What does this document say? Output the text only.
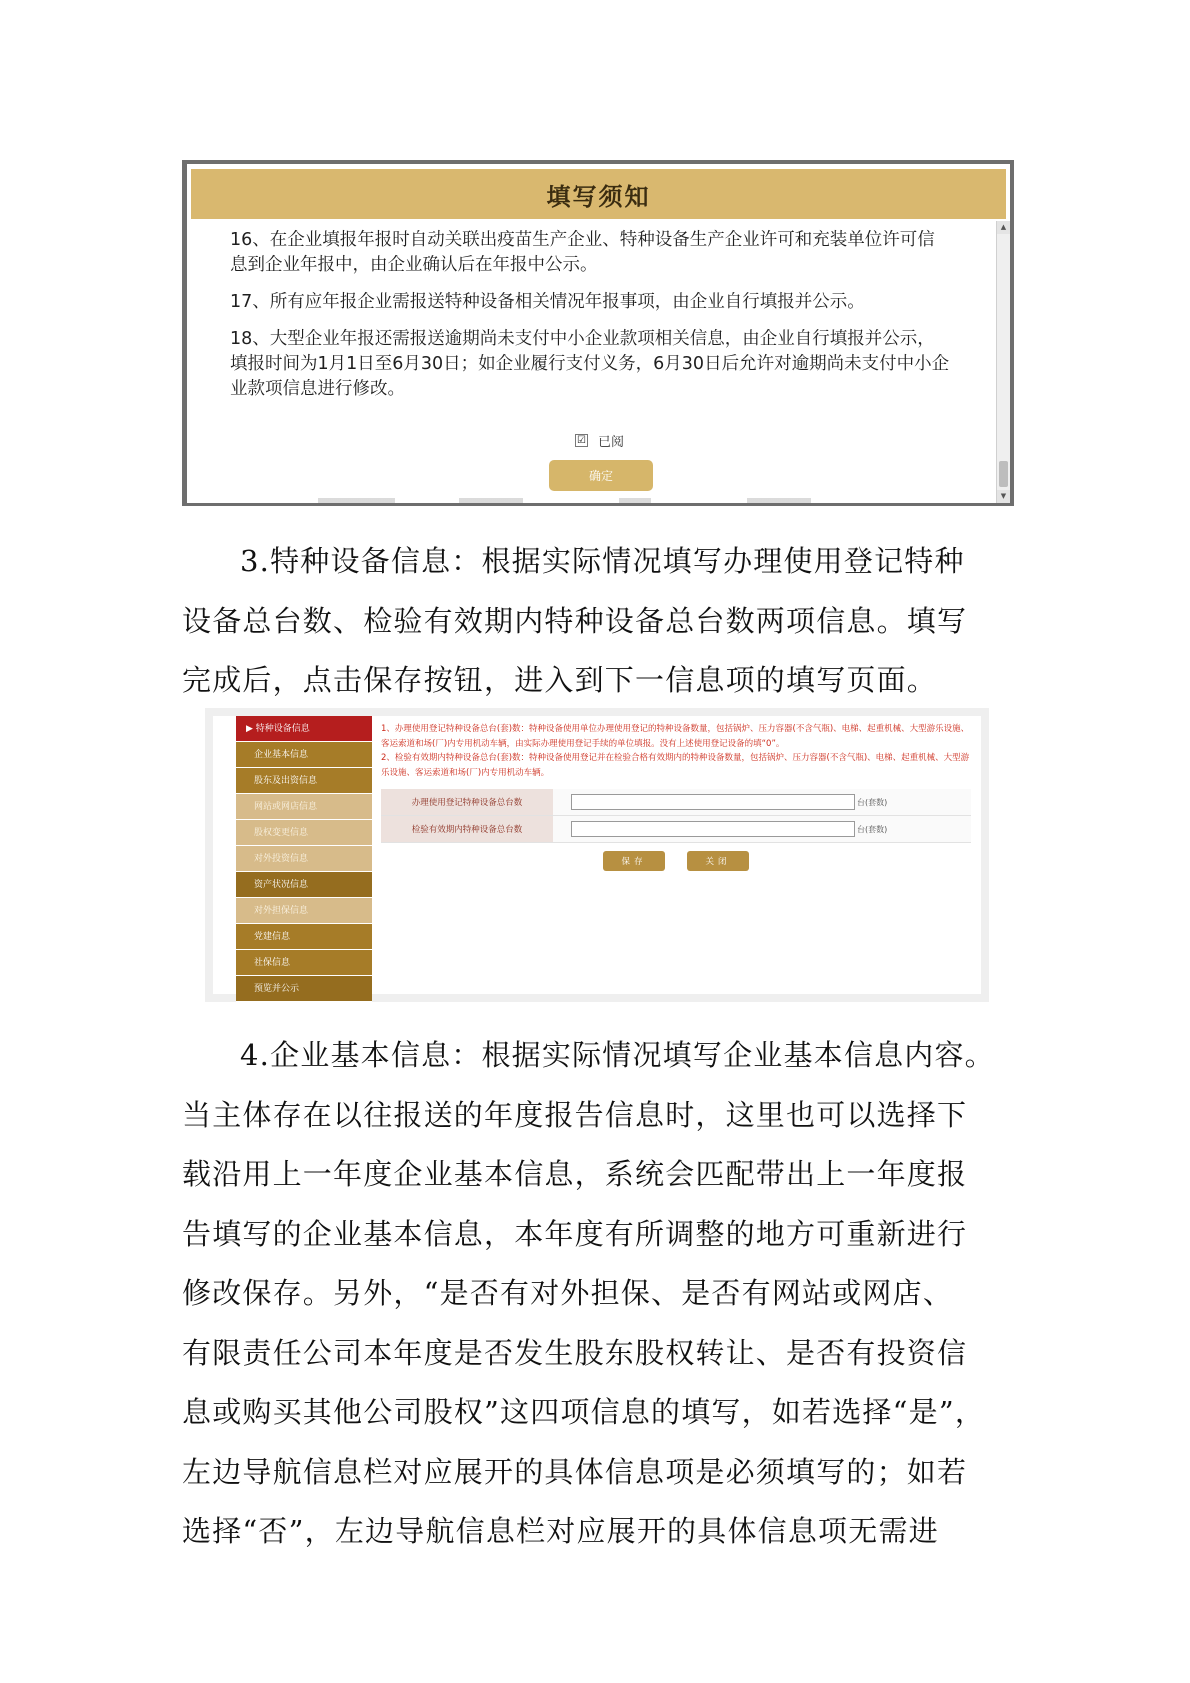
填写须知

16、在企业填报年报时自动关联出疫苗生产企业、特种设备生产企业许可和充装单位许可信息到企业年报中，由企业确认后在年报中公示。

17、所有应年报企业需报送特种设备相关情况年报事项，由企业自行填报并公示。

18、大型企业年报还需报送逾期尚未支付中小企业款项相关信息，由企业自行填报并公示，填报时间为1月1日至6月30日；如企业履行支付义务，6月30日后允许对逾期尚未支付中小企业款项信息进行修改。

☑ 已阅
确定
▲
▼

3.特种设备信息：根据实际情况填写办理使用登记特种
设备总台数、检验有效期内特种设备总台数两项信息。填写
完成后，点击保存按钮，进入到下一信息项的填写页面。

▶ 特种设备信息
企业基本信息
股东及出资信息
网站或网店信息
股权变更信息
对外投资信息
资产状况信息
对外担保信息
党建信息
社保信息
预览并公示

1、办理使用登记特种设备总台(套)数：特种设备使用单位办理使用登记的特种设备数量，包括锅炉、压力容器(不含气瓶)、电梯、起重机械、大型游乐设施、客运索道和场(厂)内专用机动车辆，由实际办理使用登记手续的单位填报。没有上述使用登记设备的填“0”。

2、检验有效期内特种设备总台(套)数：特种设备使用登记并在检验合格有效期内的特种设备数量，包括锅炉、压力容器(不含气瓶)、电梯、起重机械、大型游乐设施、客运索道和场(厂)内专用机动车辆。

办理使用登记特种设备总台数	台(套数)
检验有效期内特种设备总台数	台(套数)
保存	关闭

4.企业基本信息：根据实际情况填写企业基本信息内容。
当主体存在以往报送的年度报告信息时，这里也可以选择下
载沿用上一年度企业基本信息，系统会匹配带出上一年度报
告填写的企业基本信息，本年度有所调整的地方可重新进行
修改保存。另外，“是否有对外担保、是否有网站或网店、
有限责任公司本年度是否发生股东股权转让、是否有投资信
息或购买其他公司股权”这四项信息的填写，如若选择“是”，
左边导航信息栏对应展开的具体信息项是必须填写的；如若
选择“否”，左边导航信息栏对应展开的具体信息项无需进
